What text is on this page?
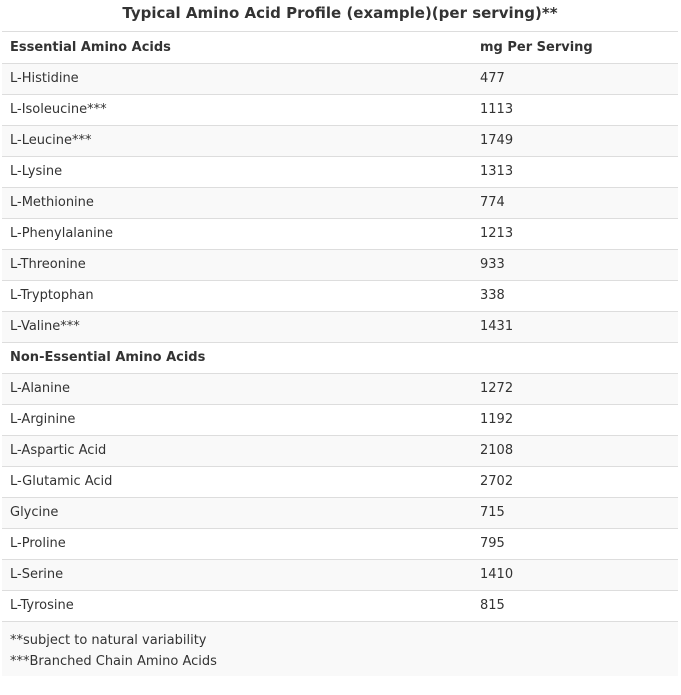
Typical Amino Acid Profile (example)(per serving)**
Essential Amino Acids	mg Per Serving
L-Histidine	477
L-Isoleucine***	1113
L-Leucine***	1749
L-Lysine	1313
L-Methionine	774
L-Phenylalanine	1213
L-Threonine	933
L-Tryptophan	338
L-Valine***	1431
Non-Essential Amino Acids	
L-Alanine	1272
L-Arginine	1192
L-Aspartic Acid	2108
L-Glutamic Acid	2702
Glycine	715
L-Proline	795
L-Serine	1410
L-Tyrosine	815
**subject to natural variability
***Branched Chain Amino Acids
